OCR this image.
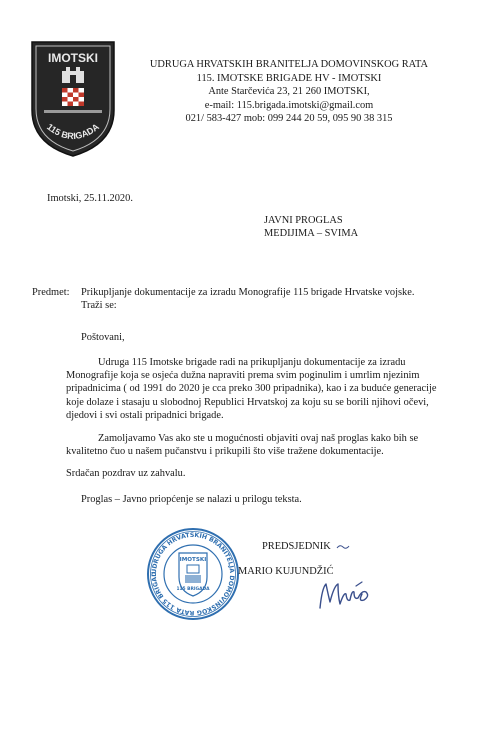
IMOTSKI
115 BRIGADA
UDRUGA HRVATSKIH BRANITELJA DOMOVINSKOG RATA
115. IMOTSKE BRIGADE HV - IMOTSKI
Ante Starčevića 23, 21 260 IMOTSKI,
e-mail: 115.brigada.imotski@gmail.com
021/ 583-427 mob: 099 244 20 59, 095 90 38 315
Imotski, 25.11.2020.
JAVNI PROGLAS
MEDIJIMA – SVIMA
Predmet: Prikupljanje dokumentacije za izradu Monografije 115 brigade Hrvatske vojske.
Traži se:
Poštovani,
Udruga 115 Imotske brigade radi na prikupljanju dokumentacije za izradu
Monografije koja se osjeća dužna napraviti prema svim poginulim i umrlim njezinim
pripadnicima ( od 1991 do 2020 je cca preko 300 pripadnika), kao i za buduće generacije
koje dolaze i stasaju u slobodnoj Republici Hrvatskoj za koju su se borili njihovi očevi,
djedovi i svi ostali pripadnici brigade.
Zamoljavamo Vas ako ste u mogućnosti objaviti ovaj naš proglas kako bih se
kvalitetno čuo u našem pučanstvu i prikupili što više tražene dokumentacije.
Srdačan pozdrav uz zahvalu.
Proglas – Javno priopćenje se nalazi u prilogu teksta.
UDRUGA HRVATSKIH BRANITELJA DOMOVINSKOG RATA 115 BRIGAD
IMOTSKI
115 BRIGADA
PREDSJEDNIK
MARIO KUJUNDŽIĆ
